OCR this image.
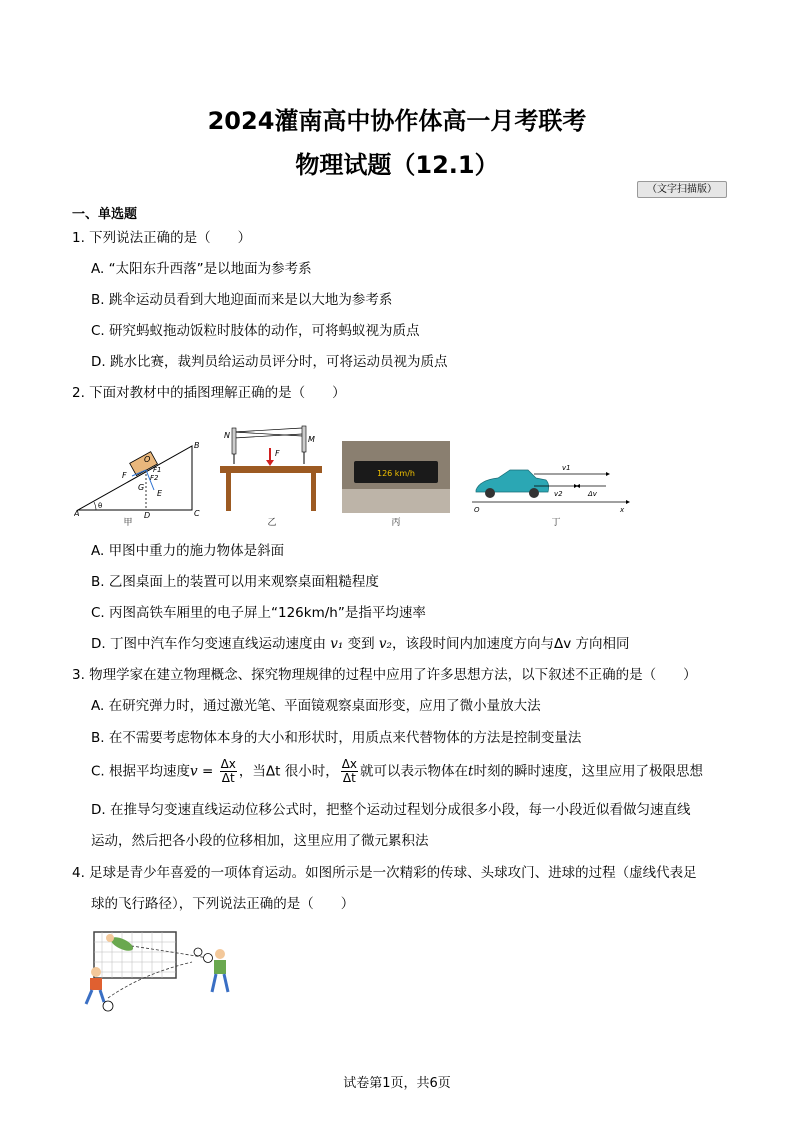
2024灌南高中协作体高一月考联考
物理试题（12.1）
（文字扫描版）
一、单选题
1. 下列说法正确的是（　　）
A. “太阳东升西落”是以地面为参考系
B. 跳伞运动员看到大地迎面而来是以大地为参考系
C. 研究蚂蚁拖动饭粒时肢体的动作，可将蚂蚁视为质点
D. 跳水比赛，裁判员给运动员评分时，可将运动员视为质点
2. 下面对教材中的插图理解正确的是（　　）
A
B
C
D
E
G
O
F	F2
F1
θ
甲
N	M
F
乙
126 km/h
丙
v1
v2	Δv
O	x
丁
A. 甲图中重力的施力物体是斜面
B. 乙图桌面上的装置可以用来观察桌面粗糙程度
C. 丙图高铁车厢里的电子屏上“126km/h”是指平均速率
D. 丁图中汽车作匀变速直线运动速度由 v₁ 变到 v₂，该段时间内加速度方向与Δv 方向相同
3. 物理学家在建立物理概念、探究物理规律的过程中应用了许多思想方法，以下叙述不正确的是（　　）
A. 在研究弹力时，通过激光笔、平面镜观察桌面形变，应用了微小量放大法
B. 在不需要考虑物体本身的大小和形状时，用质点来代替物体的方法是控制变量法
C. 根据平均速度$v = \frac{\Delta x}{\Delta t}$ ，当Δt 很小时， $\frac{\Delta x}{\Delta t}$ 就可以表示物体在t时刻的瞬时速度，这里应用了极限思想
D. 在推导匀变速直线运动位移公式时，把整个运动过程划分成很多小段，每一小段近似看做匀速直线
运动，然后把各小段的位移相加，这里应用了微元累积法
4. 足球是青少年喜爱的一项体育运动。如图所示是一次精彩的传球、头球攻门、进球的过程（虚线代表足
球的飞行路径），下列说法正确的是（　　）
试卷第1页，共6页
